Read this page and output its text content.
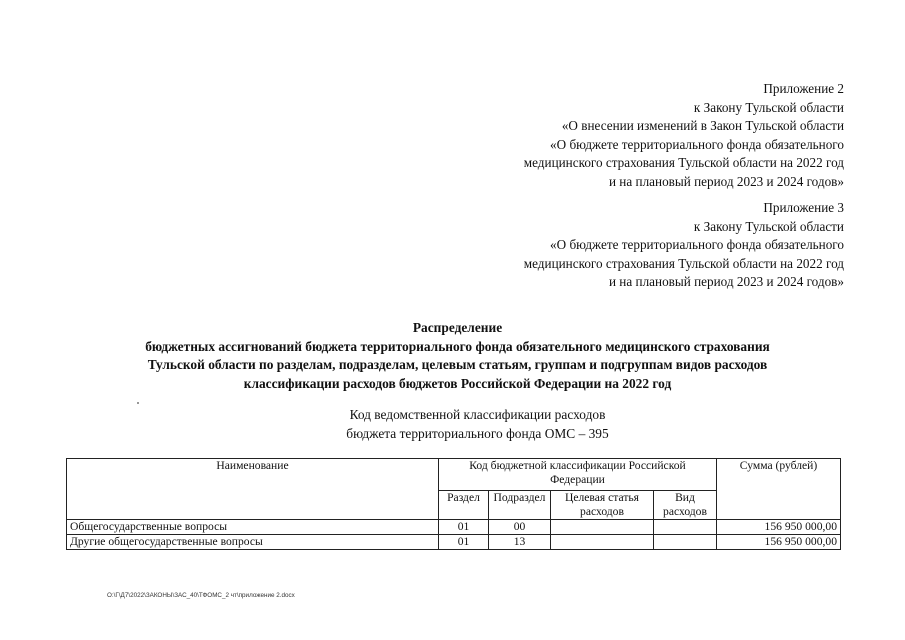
Приложение 2
к Закону Тульской области
«О внесении изменений в Закон Тульской области
«О бюджете территориального фонда обязательного
медицинского страхования Тульской области на 2022 год
и на плановый период 2023 и 2024 годов»
Приложение 3
к Закону Тульской области
«О бюджете территориального фонда обязательного
медицинского страхования Тульской области на 2022 год
и на плановый период 2023 и 2024 годов»
Распределение
бюджетных ассигнований бюджета территориального фонда обязательного медицинского страхования
Тульской области по разделам, подразделам, целевым статьям, группам и подгруппам видов расходов
классификации расходов бюджетов Российской Федерации на 2022 год
Код ведомственной классификации расходов
бюджета территориального фонда ОМС – 395
Наименование	Код бюджетной классификации Российской Федерации				Сумма (рублей)
	Раздел	Подраздел	Целевая статья расходов	Вид расходов	
Общегосударственные вопросы	01	00			156 950 000,00
Другие общегосударственные вопросы	01	13			156 950 000,00
O:\Г\Д7\2022\ЗАКОНЫ\ЗАС_40\ТФОМС_2 чт\приложение 2.docx
